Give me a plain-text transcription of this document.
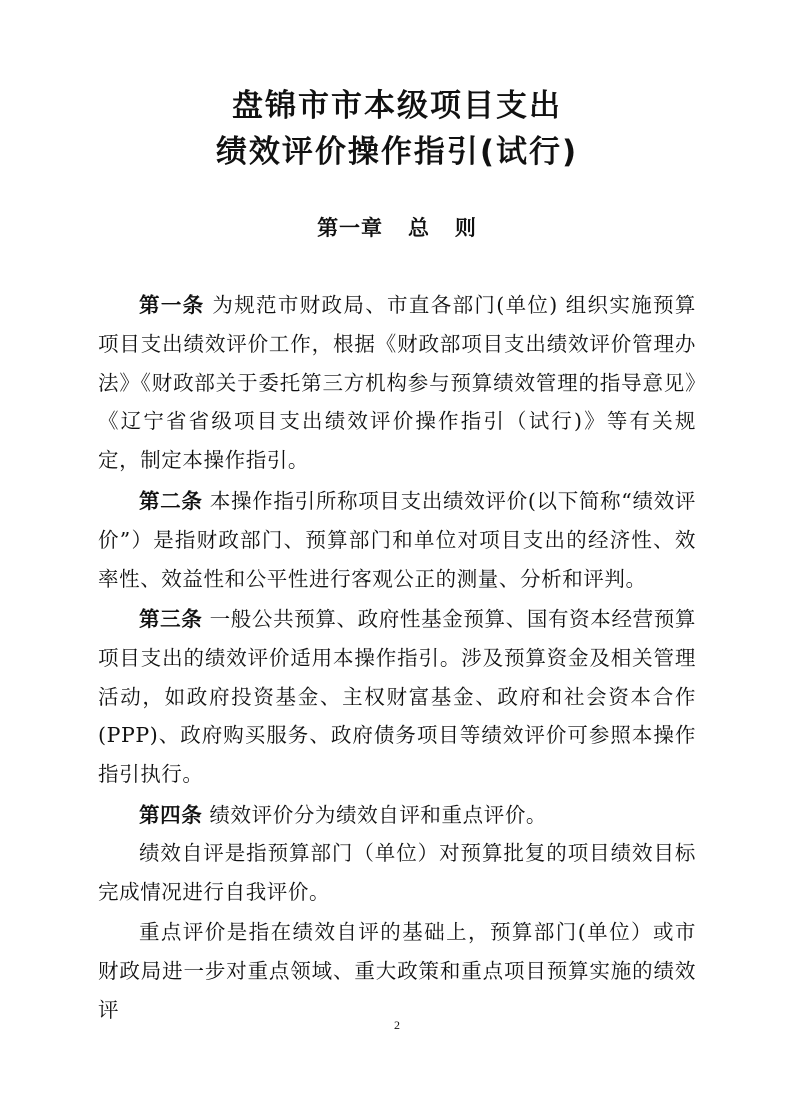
盘锦市市本级项目支出
绩效评价操作指引(试行)
第一章   总   则
第一条 为规范市财政局、市直各部门(单位) 组织实施预算项目支出绩效评价工作，根据《财政部项目支出绩效评价管理办法》《财政部关于委托第三方机构参与预算绩效管理的指导意见》《辽宁省省级项目支出绩效评价操作指引（试行)》等有关规定，制定本操作指引。
第二条 本操作指引所称项目支出绩效评价(以下简称“绩效评价”）是指财政部门、预算部门和单位对项目支出的经济性、效率性、效益性和公平性进行客观公正的测量、分析和评判。
第三条 一般公共预算、政府性基金预算、国有资本经营预算项目支出的绩效评价适用本操作指引。涉及预算资金及相关管理活动，如政府投资基金、主权财富基金、政府和社会资本合作(PPP)、政府购买服务、政府债务项目等绩效评价可参照本操作指引执行。
第四条 绩效评价分为绩效自评和重点评价。
绩效自评是指预算部门（单位）对预算批复的项目绩效目标完成情况进行自我评价。
重点评价是指在绩效自评的基础上，预算部门(单位）或市财政局进一步对重点领域、重大政策和重点项目预算实施的绩效评
2
